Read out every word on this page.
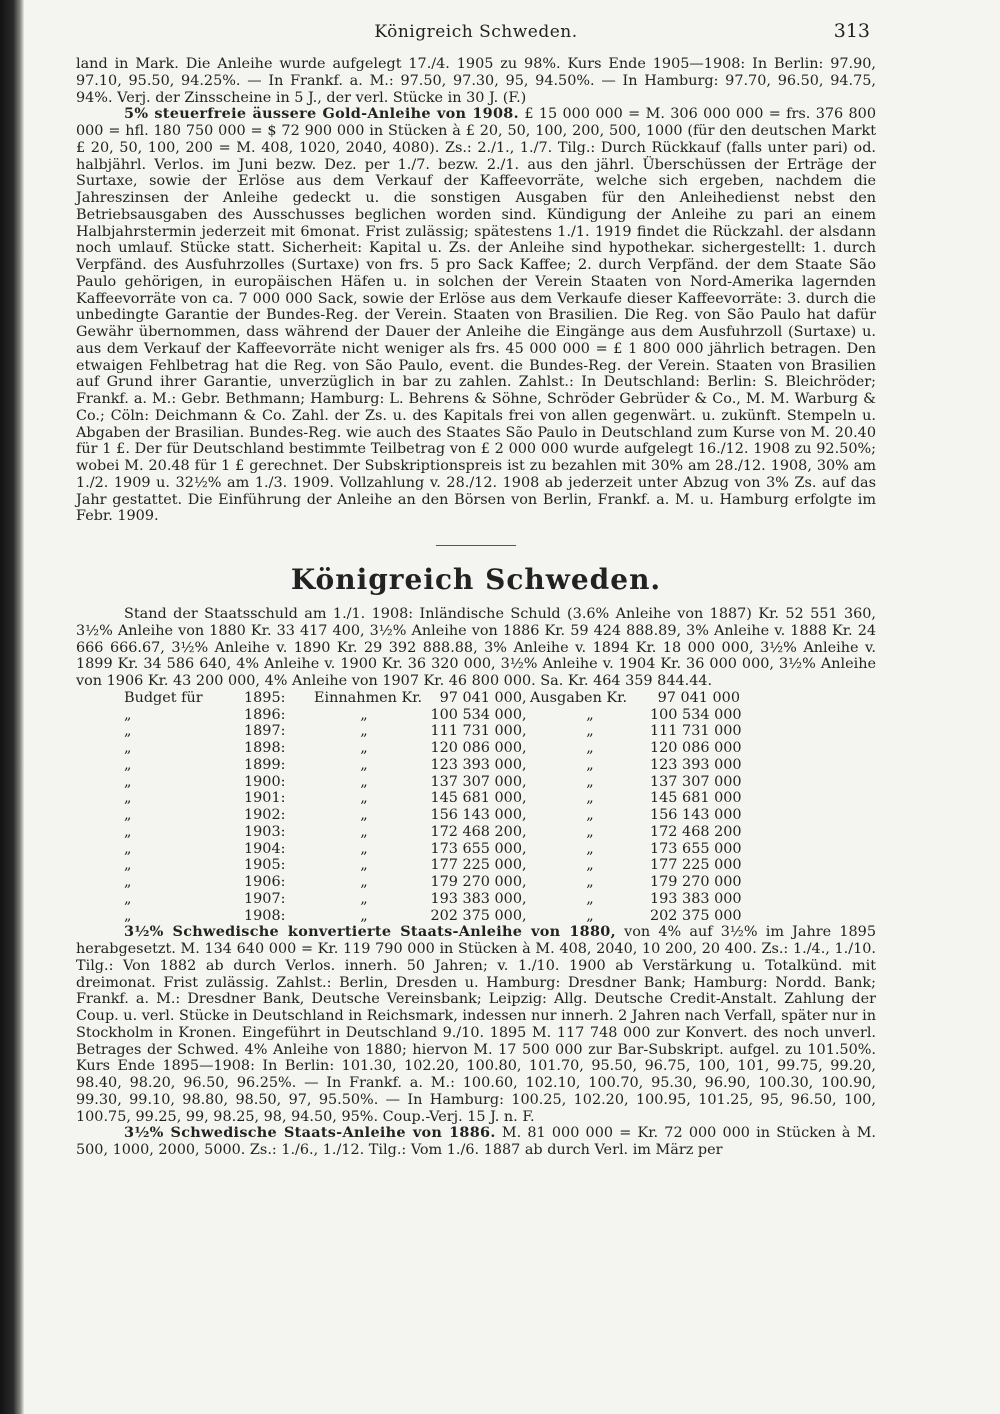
Königreich Schweden.	313

land in Mark. Die Anleihe wurde aufgelegt 17./4. 1905 zu 98%. Kurs Ende 1905—1908: In Berlin: 97.90, 97.10, 95.50, 94.25%. — In Frankf. a. M.: 97.50, 97.30, 95, 94.50%. — In Hamburg: 97.70, 96.50, 94.75, 94%. Verj. der Zinsscheine in 5 J., der verl. Stücke in 30 J. (F.)

5% steuerfreie äussere Gold-Anleihe von 1908. £ 15 000 000 = M. 306 000 000 = frs. 376 800 000 = hfl. 180 750 000 = $ 72 900 000 in Stücken à £ 20, 50, 100, 200, 500, 1000 (für den deutschen Markt £ 20, 50, 100, 200 = M. 408, 1020, 2040, 4080). Zs.: 2./1., 1./7. Tilg.: Durch Rückkauf (falls unter pari) od. halbjährl. Verlos. im Juni bezw. Dez. per 1./7. bezw. 2./1. aus den jährl. Überschüssen der Erträge der Surtaxe, sowie der Erlöse aus dem Verkauf der Kaffeevorräte, welche sich ergeben, nachdem die Jahreszinsen der Anleihe gedeckt u. die sonstigen Ausgaben für den Anleihedienst nebst den Betriebsausgaben des Ausschusses beglichen worden sind. Kündigung der Anleihe zu pari an einem Halbjahrstermin jederzeit mit 6monat. Frist zulässig; spätestens 1./1. 1919 findet die Rückzahl. der alsdann noch umlauf. Stücke statt. Sicherheit: Kapital u. Zs. der Anleihe sind hypothekar. sichergestellt: 1. durch Verpfänd. des Ausfuhrzolles (Surtaxe) von frs. 5 pro Sack Kaffee; 2. durch Verpfänd. der dem Staate São Paulo gehörigen, in europäischen Häfen u. in solchen der Verein Staaten von Nord-Amerika lagernden Kaffeevorräte von ca. 7 000 000 Sack, sowie der Erlöse aus dem Verkaufe dieser Kaffeevorräte: 3. durch die unbedingte Garantie der Bundes-Reg. der Verein. Staaten von Brasilien. Die Reg. von São Paulo hat dafür Gewähr übernommen, dass während der Dauer der Anleihe die Eingänge aus dem Ausfuhrzoll (Surtaxe) u. aus dem Verkauf der Kaffeevorräte nicht weniger als frs. 45 000 000 = £ 1 800 000 jährlich betragen. Den etwaigen Fehlbetrag hat die Reg. von São Paulo, event. die Bundes-Reg. der Verein. Staaten von Brasilien auf Grund ihrer Garantie, unverzüglich in bar zu zahlen. Zahlst.: In Deutschland: Berlin: S. Bleichröder; Frankf. a. M.: Gebr. Bethmann; Hamburg: L. Behrens & Söhne, Schröder Gebrüder & Co., M. M. Warburg & Co.; Cöln: Deichmann & Co. Zahl. der Zs. u. des Kapitals frei von allen gegenwärt. u. zukünft. Stempeln u. Abgaben der Brasilian. Bundes-Reg. wie auch des Staates São Paulo in Deutschland zum Kurse von M. 20.40 für 1 £. Der für Deutschland bestimmte Teilbetrag von £ 2 000 000 wurde aufgelegt 16./12. 1908 zu 92.50%; wobei M. 20.48 für 1 £ gerechnet. Der Subskriptionspreis ist zu bezahlen mit 30% am 28./12. 1908, 30% am 1./2. 1909 u. 32½% am 1./3. 1909. Vollzahlung v. 28./12. 1908 ab jederzeit unter Abzug von 3% Zs. auf das Jahr gestattet. Die Einführung der Anleihe an den Börsen von Berlin, Frankf. a. M. u. Hamburg erfolgte im Febr. 1909.

Königreich Schweden.

Stand der Staatsschuld am 1./1. 1908: Inländische Schuld (3.6% Anleihe von 1887) Kr. 52 551 360, 3½% Anleihe von 1880 Kr. 33 417 400, 3½% Anleihe von 1886 Kr. 59 424 888.89, 3% Anleihe v. 1888 Kr. 24 666 666.67, 3½% Anleihe v. 1890 Kr. 29 392 888.88, 3% Anleihe v. 1894 Kr. 18 000 000, 3½% Anleihe v. 1899 Kr. 34 586 640, 4% Anleihe v. 1900 Kr. 36 320 000, 3½% Anleihe v. 1904 Kr. 36 000 000, 3½% Anleihe von 1906 Kr. 43 200 000, 4% Anleihe von 1907 Kr. 46 800 000. Sa. Kr. 464 359 844.44.

Budget für	1895:	Einnahmen Kr.	97 041 000 , Ausgaben Kr.	97 041 000
„	1896:	„	100 534 000 ,	„	100 534 000
„	1897:	„	111 731 000 ,	„	111 731 000
„	1898:	„	120 086 000 ,	„	120 086 000
„	1899:	„	123 393 000 ,	„	123 393 000
„	1900:	„	137 307 000 ,	„	137 307 000
„	1901:	„	145 681 000 ,	„	145 681 000
„	1902:	„	156 143 000 ,	„	156 143 000
„	1903:	„	172 468 200 ,	„	172 468 200
„	1904:	„	173 655 000 ,	„	173 655 000
„	1905:	„	177 225 000 ,	„	177 225 000
„	1906:	„	179 270 000 ,	„	179 270 000
„	1907:	„	193 383 000 ,	„	193 383 000
„	1908:	„	202 375 000 ,	„	202 375 000

3½% Schwedische konvertierte Staats-Anleihe von 1880, von 4% auf 3½% im Jahre 1895 herabgesetzt. M. 134 640 000 = Kr. 119 790 000 in Stücken à M. 408, 2040, 10 200, 20 400. Zs.: 1./4., 1./10. Tilg.: Von 1882 ab durch Verlos. innerh. 50 Jahren; v. 1./10. 1900 ab Verstärkung u. Totalkünd. mit dreimonat. Frist zulässig. Zahlst.: Berlin, Dresden u. Hamburg: Dresdner Bank; Hamburg: Nordd. Bank; Frankf. a. M.: Dresdner Bank, Deutsche Vereinsbank; Leipzig: Allg. Deutsche Credit-Anstalt. Zahlung der Coup. u. verl. Stücke in Deutschland in Reichsmark, indessen nur innerh. 2 Jahren nach Verfall, später nur in Stockholm in Kronen. Eingeführt in Deutschland 9./10. 1895 M. 117 748 000 zur Konvert. des noch unverl. Betrages der Schwed. 4% Anleihe von 1880; hiervon M. 17 500 000 zur Bar-Subskript. aufgel. zu 101.50%. Kurs Ende 1895—1908: In Berlin: 101.30, 102.20, 100.80, 101.70, 95.50, 96.75, 100, 101, 99.75, 99.20, 98.40, 98.20, 96.50, 96.25%. — In Frankf. a. M.: 100.60, 102.10, 100.70, 95.30, 96.90, 100.30, 100.90, 99.30, 99.10, 98.80, 98.50, 97, 95.50%. — In Hamburg: 100.25, 102.20, 100.95, 101.25, 95, 96.50, 100, 100.75, 99.25, 99, 98.25, 98, 94.50, 95%. Coup.-Verj. 15 J. n. F.

3½% Schwedische Staats-Anleihe von 1886. M. 81 000 000 = Kr. 72 000 000 in Stücken à M. 500, 1000, 2000, 5000. Zs.: 1./6., 1./12. Tilg.: Vom 1./6. 1887 ab durch Verl. im März per
